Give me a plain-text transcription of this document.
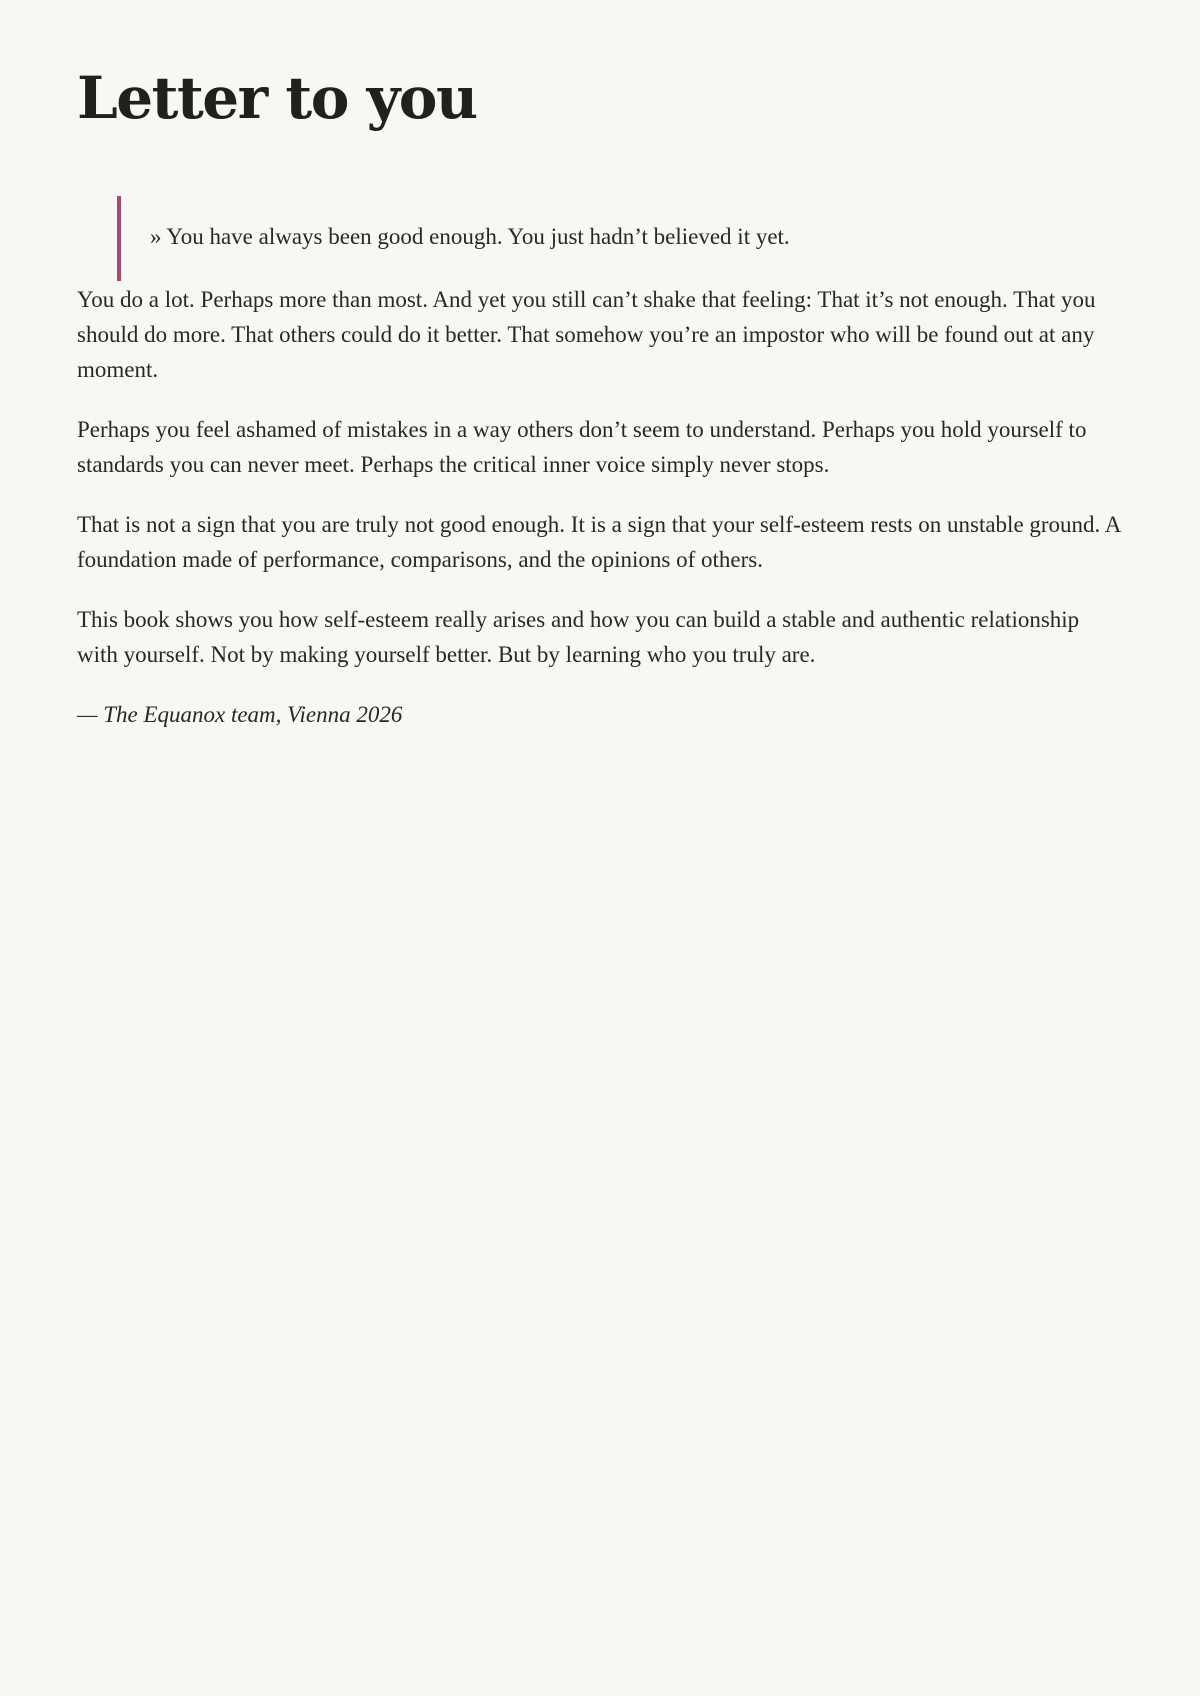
Letter to you
» You have always been good enough. You just hadn’t believed it yet.

You do a lot. Perhaps more than most. And yet you still can’t shake that feeling: That it’s not enough. That you should do more. That others could do it better. That somehow you’re an impostor who will be found out at any moment.

Perhaps you feel ashamed of mistakes in a way others don’t seem to understand. Perhaps you hold yourself to standards you can never meet. Perhaps the critical inner voice simply never stops.

That is not a sign that you are truly not good enough. It is a sign that your self-esteem rests on unstable ground. A foundation made of performance, comparisons, and the opinions of others.

This book shows you how self-esteem really arises and how you can build a stable and authentic relationship with yourself. Not by making yourself better. But by learning who you truly are.

— The Equanox team, Vienna 2026
